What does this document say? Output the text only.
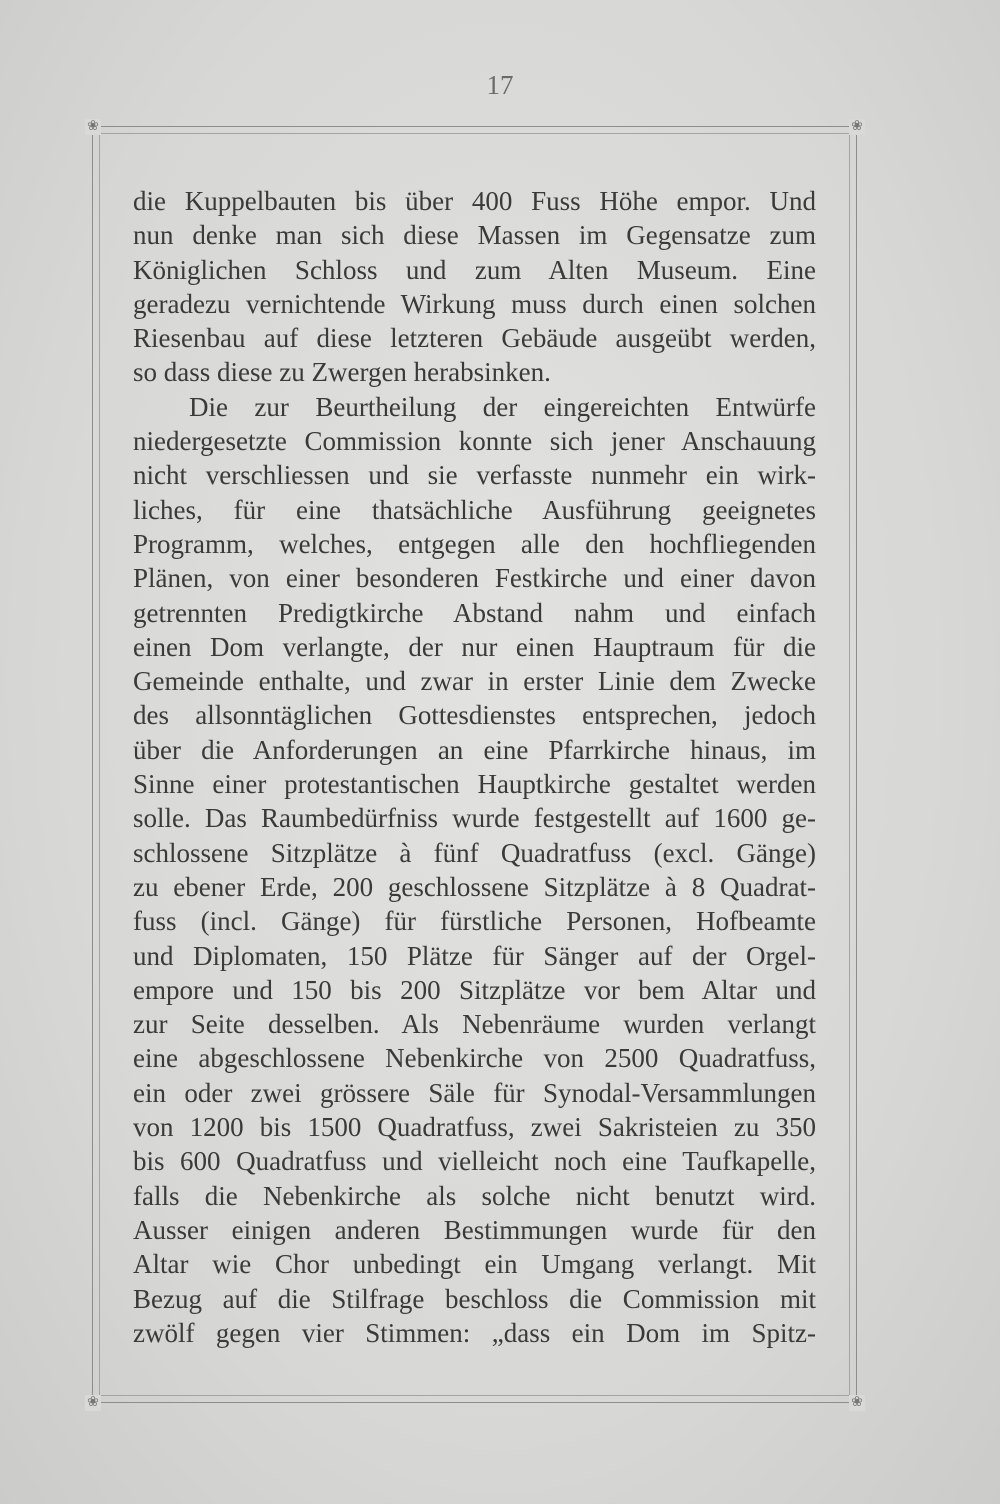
17
❀	❀
❀	❀
die Kuppelbauten bis über 400 Fuss Höhe empor. Und
nun denke man sich diese Massen im Gegensatze zum
Königlichen Schloss und zum Alten Museum. Eine
geradezu vernichtende Wirkung muss durch einen solchen
Riesenbau auf diese letzteren Gebäude ausgeübt werden,
so dass diese zu Zwergen herabsinken.
Die zur Beurtheilung der eingereichten Entwürfe
niedergesetzte Commission konnte sich jener Anschauung
nicht verschliessen und sie verfasste nunmehr ein wirk-
liches, für eine thatsächliche Ausführung geeignetes
Programm, welches, entgegen alle den hochfliegenden
Plänen, von einer besonderen Festkirche und einer davon
getrennten Predigtkirche Abstand nahm und einfach
einen Dom verlangte, der nur einen Hauptraum für die
Gemeinde enthalte, und zwar in erster Linie dem Zwecke
des allsonntäglichen Gottesdienstes entsprechen, jedoch
über die Anforderungen an eine Pfarrkirche hinaus, im
Sinne einer protestantischen Hauptkirche gestaltet werden
solle. Das Raumbedürfniss wurde festgestellt auf 1600 ge-
schlossene Sitzplätze à fünf Quadratfuss (excl. Gänge)
zu ebener Erde, 200 geschlossene Sitzplätze à 8 Quadrat-
fuss (incl. Gänge) für fürstliche Personen, Hofbeamte
und Diplomaten, 150 Plätze für Sänger auf der Orgel-
empore und 150 bis 200 Sitzplätze vor bem Altar und
zur Seite desselben. Als Nebenräume wurden verlangt
eine abgeschlossene Nebenkirche von 2500 Quadratfuss,
ein oder zwei grössere Säle für Synodal-Versammlungen
von 1200 bis 1500 Quadratfuss, zwei Sakristeien zu 350
bis 600 Quadratfuss und vielleicht noch eine Taufkapelle,
falls die Nebenkirche als solche nicht benutzt wird.
Ausser einigen anderen Bestimmungen wurde für den
Altar wie Chor unbedingt ein Umgang verlangt. Mit
Bezug auf die Stilfrage beschloss die Commission mit
zwölf gegen vier Stimmen: „dass ein Dom im Spitz-
